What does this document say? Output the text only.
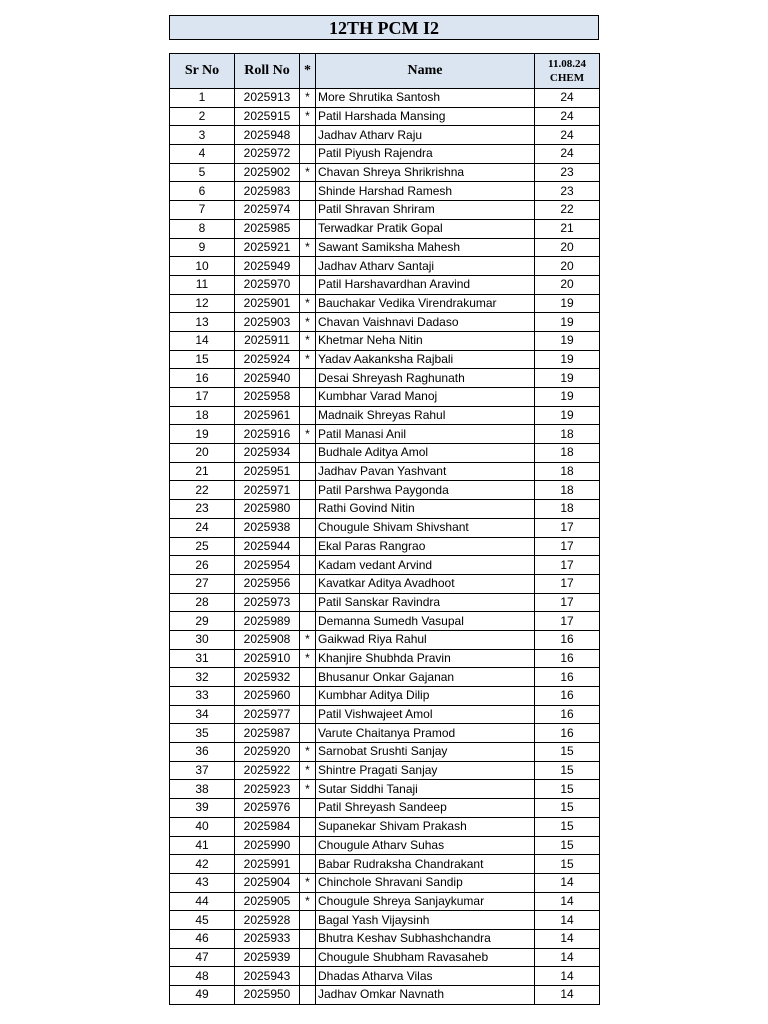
12TH PCM I2
Sr No	Roll No	*	Name	11.08.24
CHEM

1	2025913	*	More Shrutika Santosh	24
2	2025915	*	Patil Harshada Mansing	24
3	2025948		Jadhav Atharv Raju	24
4	2025972		Patil Piyush Rajendra	24
5	2025902	*	Chavan Shreya Shrikrishna	23
6	2025983		Shinde Harshad Ramesh	23
7	2025974		Patil Shravan Shriram	22
8	2025985		Terwadkar Pratik Gopal	21
9	2025921	*	Sawant Samiksha Mahesh	20
10	2025949		Jadhav Atharv Santaji	20
11	2025970		Patil Harshavardhan Aravind	20
12	2025901	*	Bauchakar Vedika Virendrakumar	19
13	2025903	*	Chavan Vaishnavi Dadaso	19
14	2025911	*	Khetmar Neha Nitin	19
15	2025924	*	Yadav Aakanksha Rajbali	19
16	2025940		Desai Shreyash Raghunath	19
17	2025958		Kumbhar Varad Manoj	19
18	2025961		Madnaik Shreyas Rahul	19
19	2025916	*	Patil Manasi Anil	18
20	2025934		Budhale Aditya Amol	18
21	2025951		Jadhav Pavan Yashvant	18
22	2025971		Patil Parshwa Paygonda	18
23	2025980		Rathi Govind Nitin	18
24	2025938		Chougule Shivam Shivshant	17
25	2025944		Ekal Paras Rangrao	17
26	2025954		Kadam vedant Arvind	17
27	2025956		Kavatkar Aditya Avadhoot	17
28	2025973		Patil Sanskar Ravindra	17
29	2025989		Demanna Sumedh Vasupal	17
30	2025908	*	Gaikwad Riya Rahul	16
31	2025910	*	Khanjire Shubhda Pravin	16
32	2025932		Bhusanur Onkar Gajanan	16
33	2025960		Kumbhar Aditya Dilip	16
34	2025977		Patil Vishwajeet Amol	16
35	2025987		Varute Chaitanya Pramod	16
36	2025920	*	Sarnobat Srushti Sanjay	15
37	2025922	*	Shintre Pragati Sanjay	15
38	2025923	*	Sutar Siddhi Tanaji	15
39	2025976		Patil Shreyash Sandeep	15
40	2025984		Supanekar Shivam Prakash	15
41	2025990		Chougule Atharv Suhas	15
42	2025991		Babar Rudraksha Chandrakant	15
43	2025904	*	Chinchole Shravani Sandip	14
44	2025905	*	Chougule Shreya Sanjaykumar	14
45	2025928		Bagal Yash Vijaysinh	14
46	2025933		Bhutra Keshav Subhashchandra	14
47	2025939		Chougule Shubham Ravasaheb	14
48	2025943		Dhadas Atharva Vilas	14
49	2025950		Jadhav Omkar Navnath	14
